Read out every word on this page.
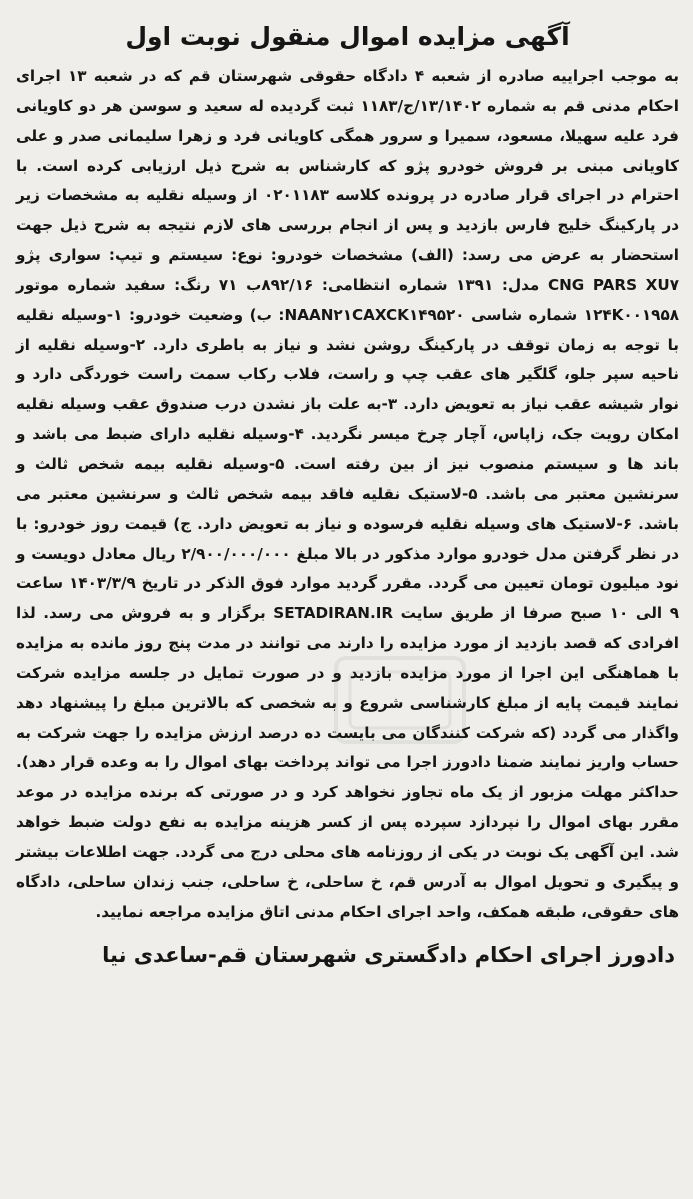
آگهی مزایده اموال منقول نوبت اول

به موجب اجراییه صادره از شعبه ۴ دادگاه حقوقی شهرستان قم که در شعبه ۱۳ اجرای احکام مدنی قم به شماره ۱۳/۱۴۰۲/ج/۱۱۸۳ ثبت گردیده له سعید و سوسن هر دو کاویانی فرد علیه سهیلا، مسعود، سمیرا و سرور همگی کاویانی فرد و زهرا سلیمانی صدر و علی کاویانی مبنی بر فروش خودرو پژو که کارشناس به شرح ذیل ارزیابی کرده است. با احترام در اجرای قرار صادره در پرونده کلاسه ۰۲۰۱۱۸۳ از وسیله نقلیه به مشخصات زیر در پارکینگ خلیج فارس بازدید و پس از انجام بررسی های لازم نتیجه به شرح ذیل جهت استحضار به عرض می رسد: (الف) مشخصات خودرو: نوع: سیستم و تیپ: سواری پژو CNG PARS XU۷ مدل: ۱۳۹۱ شماره انتظامی: ۸۹۲/۱۶ب ۷۱ رنگ: سفید شماره موتور ۱۲۴K۰۰۱۹۵۸ شماره شاسی NAAN۲۱CAXCK۱۴۹۵۲۰: ب) وضعیت خودرو: ۱-وسیله نقلیه با توجه به زمان توقف در پارکینگ روشن نشد و نیاز به باطری دارد. ۲-وسیله نقلیه از ناحیه سپر جلو، گلگیر های عقب چپ و راست، فلاب رکاب سمت راست خوردگی دارد و نوار شیشه عقب نیاز به تعویض دارد. ۳-به علت باز نشدن درب صندوق عقب وسیله نقلیه امکان رویت جک، زاپاس، آچار چرخ میسر نگردید. ۴-وسیله نقلیه دارای ضبط می باشد و باند ها و سیستم منصوب نیز از بین رفته است. ۵-وسیله نقلیه بیمه شخص ثالث و سرنشین معتبر می باشد. ۵-لاستیک نقلیه فاقد بیمه شخص ثالث و سرنشین معتبر می باشد. ۶-لاستیک های وسیله نقلیه فرسوده و نیاز به تعویض دارد. ج) قیمت روز خودرو: با در نظر گرفتن مدل خودرو موارد مذکور در بالا مبلغ ۲/۹۰۰/۰۰۰/۰۰۰ ریال معادل دویست و نود میلیون تومان تعیین می گردد. مقرر گردید موارد فوق الذکر در تاریخ ۱۴۰۳/۳/۹ ساعت ۹ الی ۱۰ صبح صرفا از طریق سایت SETADIRAN.IR برگزار و به فروش می رسد. لذا افرادی که قصد بازدید از مورد مزایده را دارند می توانند در مدت پنج روز مانده به مزایده با هماهنگی این اجرا از مورد مزایده بازدید و در صورت تمایل در جلسه مزایده شرکت نمایند قیمت پایه از مبلغ کارشناسی شروع و به شخصی که بالاترین مبلغ را پیشنهاد دهد واگذار می گردد (که شرکت کنندگان می بایست ده درصد ارزش مزایده را جهت شرکت به حساب واریز نمایند ضمنا دادورز اجرا می تواند پرداخت بهای اموال را به وعده قرار دهد). حداکثر مهلت مزبور از یک ماه تجاوز نخواهد کرد و در صورتی که برنده مزایده در موعد مقرر بهای اموال را نپردازد سپرده پس از کسر هزینه مزایده به نفع دولت ضبط خواهد شد. این آگهی یک نوبت در یکی از روزنامه های محلی درج می گردد. جهت اطلاعات بیشتر و پیگیری و تحویل اموال به آدرس قم، خ ساحلی، خ ساحلی، جنب زندان ساحلی، دادگاه های حقوقی، طبقه همکف، واحد اجرای احکام مدنی اتاق مزایده مراجعه نمایید.

دادورز اجرای احکام دادگستری شهرستان قم-ساعدی نیا
